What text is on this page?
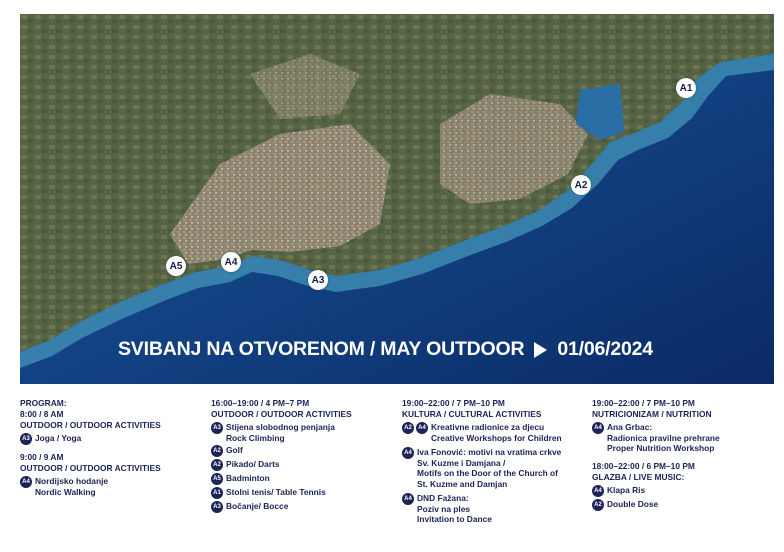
A1
A2
A3
A4
A5
SVIBANJ NA OTVORENOM / MAY OUTDOOR 01/06/2024
PROGRAM:
8:00 / 8 AM
OUTDOOR / OUTDOOR ACTIVITIES
A3 Joga / Yoga
9:00 / 9 AM
OUTDOOR / OUTDOOR ACTIVITIES
A4 Nordijsko hodanje
Nordic Walking
16:00–19:00 / 4 PM–7 PM
OUTDOOR / OUTDOOR ACTIVITIES
A3 Stijena slobodnog penjanja
Rock Climbing
A2 Golf
A2 Pikado/ Darts
A5 Badminton
A1 Stolni tenis/ Table Tennis
A3 Bočanje/ Bocce
19:00–22:00 / 7 PM–10 PM
KULTURA / CULTURAL ACTIVITIES
A2	A4 Kreativne radionice za djecu
Creative Workshops for Children
A4 Iva Fonović: motivi na vratima crkve
Sv. Kuzme i Damjana /
Motifs on the Door of the Church of
St. Kuzme and Damjan
A4 DND Fažana:
Poziv na ples
Invitation to Dance
19:00–22:00 / 7 PM–10 PM
NUTRICIONIZAM / NUTRITION
A4 Ana Grbac:
Radionica pravilne prehrane
Proper Nutrition Workshop
18:00–22:00 / 6 PM–10 PM
GLAZBA / LIVE MUSIC:
A4 Klapa Ris
A2 Double Dose
